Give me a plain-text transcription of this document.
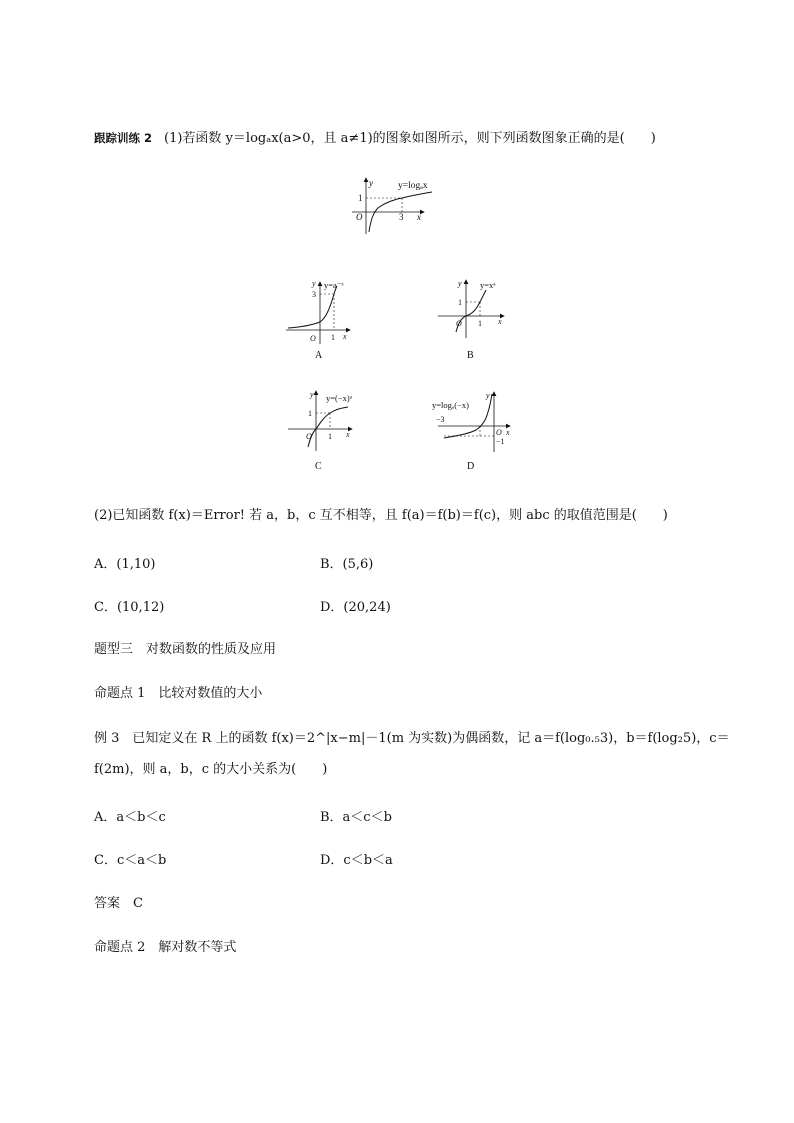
跟踪训练 2 (1)若函数 y＝logₐx(a>0，且 a≠1)的图象如图所示，则下列函数图象正确的是(　　)
y=logₐx
y
x
O
1
3
y=a⁻ˣ
y
x
O
3
1
A
y=xᵃ
y
x
O
1
1
B
y=(−x)ᵃ
y
x
O
1
1
C
y=logₐ(−x)
y
x
O
−3
−1
D
(2)已知函数 f(x)＝Error! 若 a，b，c 互不相等，且 f(a)＝f(b)＝f(c)，则 abc 的取值范围是(　　)
A．(1,10)	B．(5,6)
C．(10,12)	D．(20,24)
题型三　对数函数的性质及应用
命题点 1　比较对数值的大小
例 3　已知定义在 R 上的函数 f(x)＝2^|x−m|－1(m 为实数)为偶函数，记 a＝f(log₀.₅3)，b＝f(log₂5)，c＝
f(2m)，则 a，b，c 的大小关系为(　　)
A．a＜b＜c	B．a＜c＜b
C．c＜a＜b	D．c＜b＜a
答案　C
命题点 2　解对数不等式
